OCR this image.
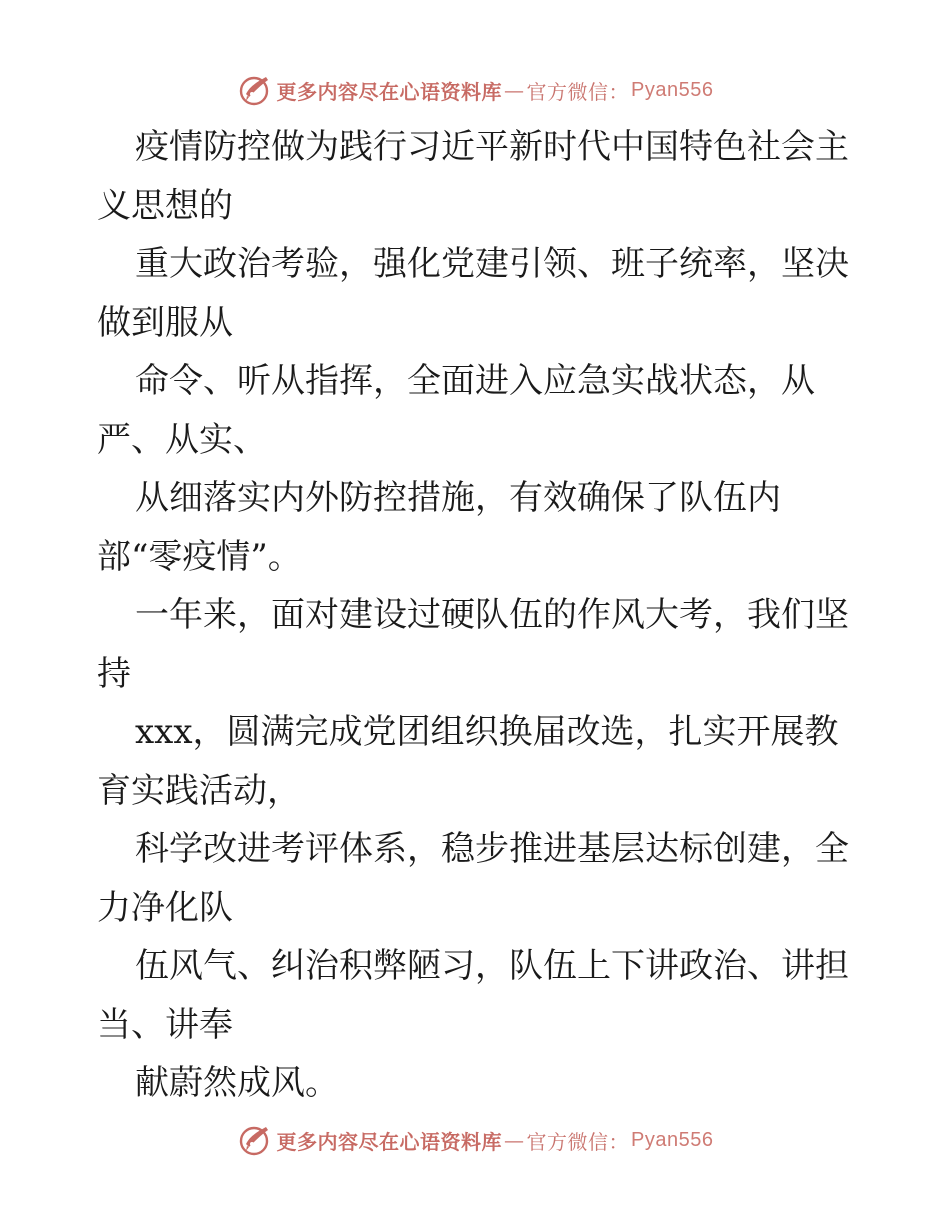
更多内容尽在心语资料库 — 官方微信： Pyan556
疫情防控做为践行习近平新时代中国特色社会主
义思想的
重大政治考验，强化党建引领、班子统率，坚决
做到服从
命令、听从指挥，全面进入应急实战状态，从
严、从实、
从细落实内外防控措施，有效确保了队伍内
部“零疫情”。
一年来，面对建设过硬队伍的作风大考，我们坚
持
xxx，圆满完成党团组织换届改选，扎实开展教
育实践活动，
科学改进考评体系，稳步推进基层达标创建，全
力净化队
伍风气、纠治积弊陋习，队伍上下讲政治、讲担
当、讲奉
献蔚然成风。
更多内容尽在心语资料库 — 官方微信： Pyan556
